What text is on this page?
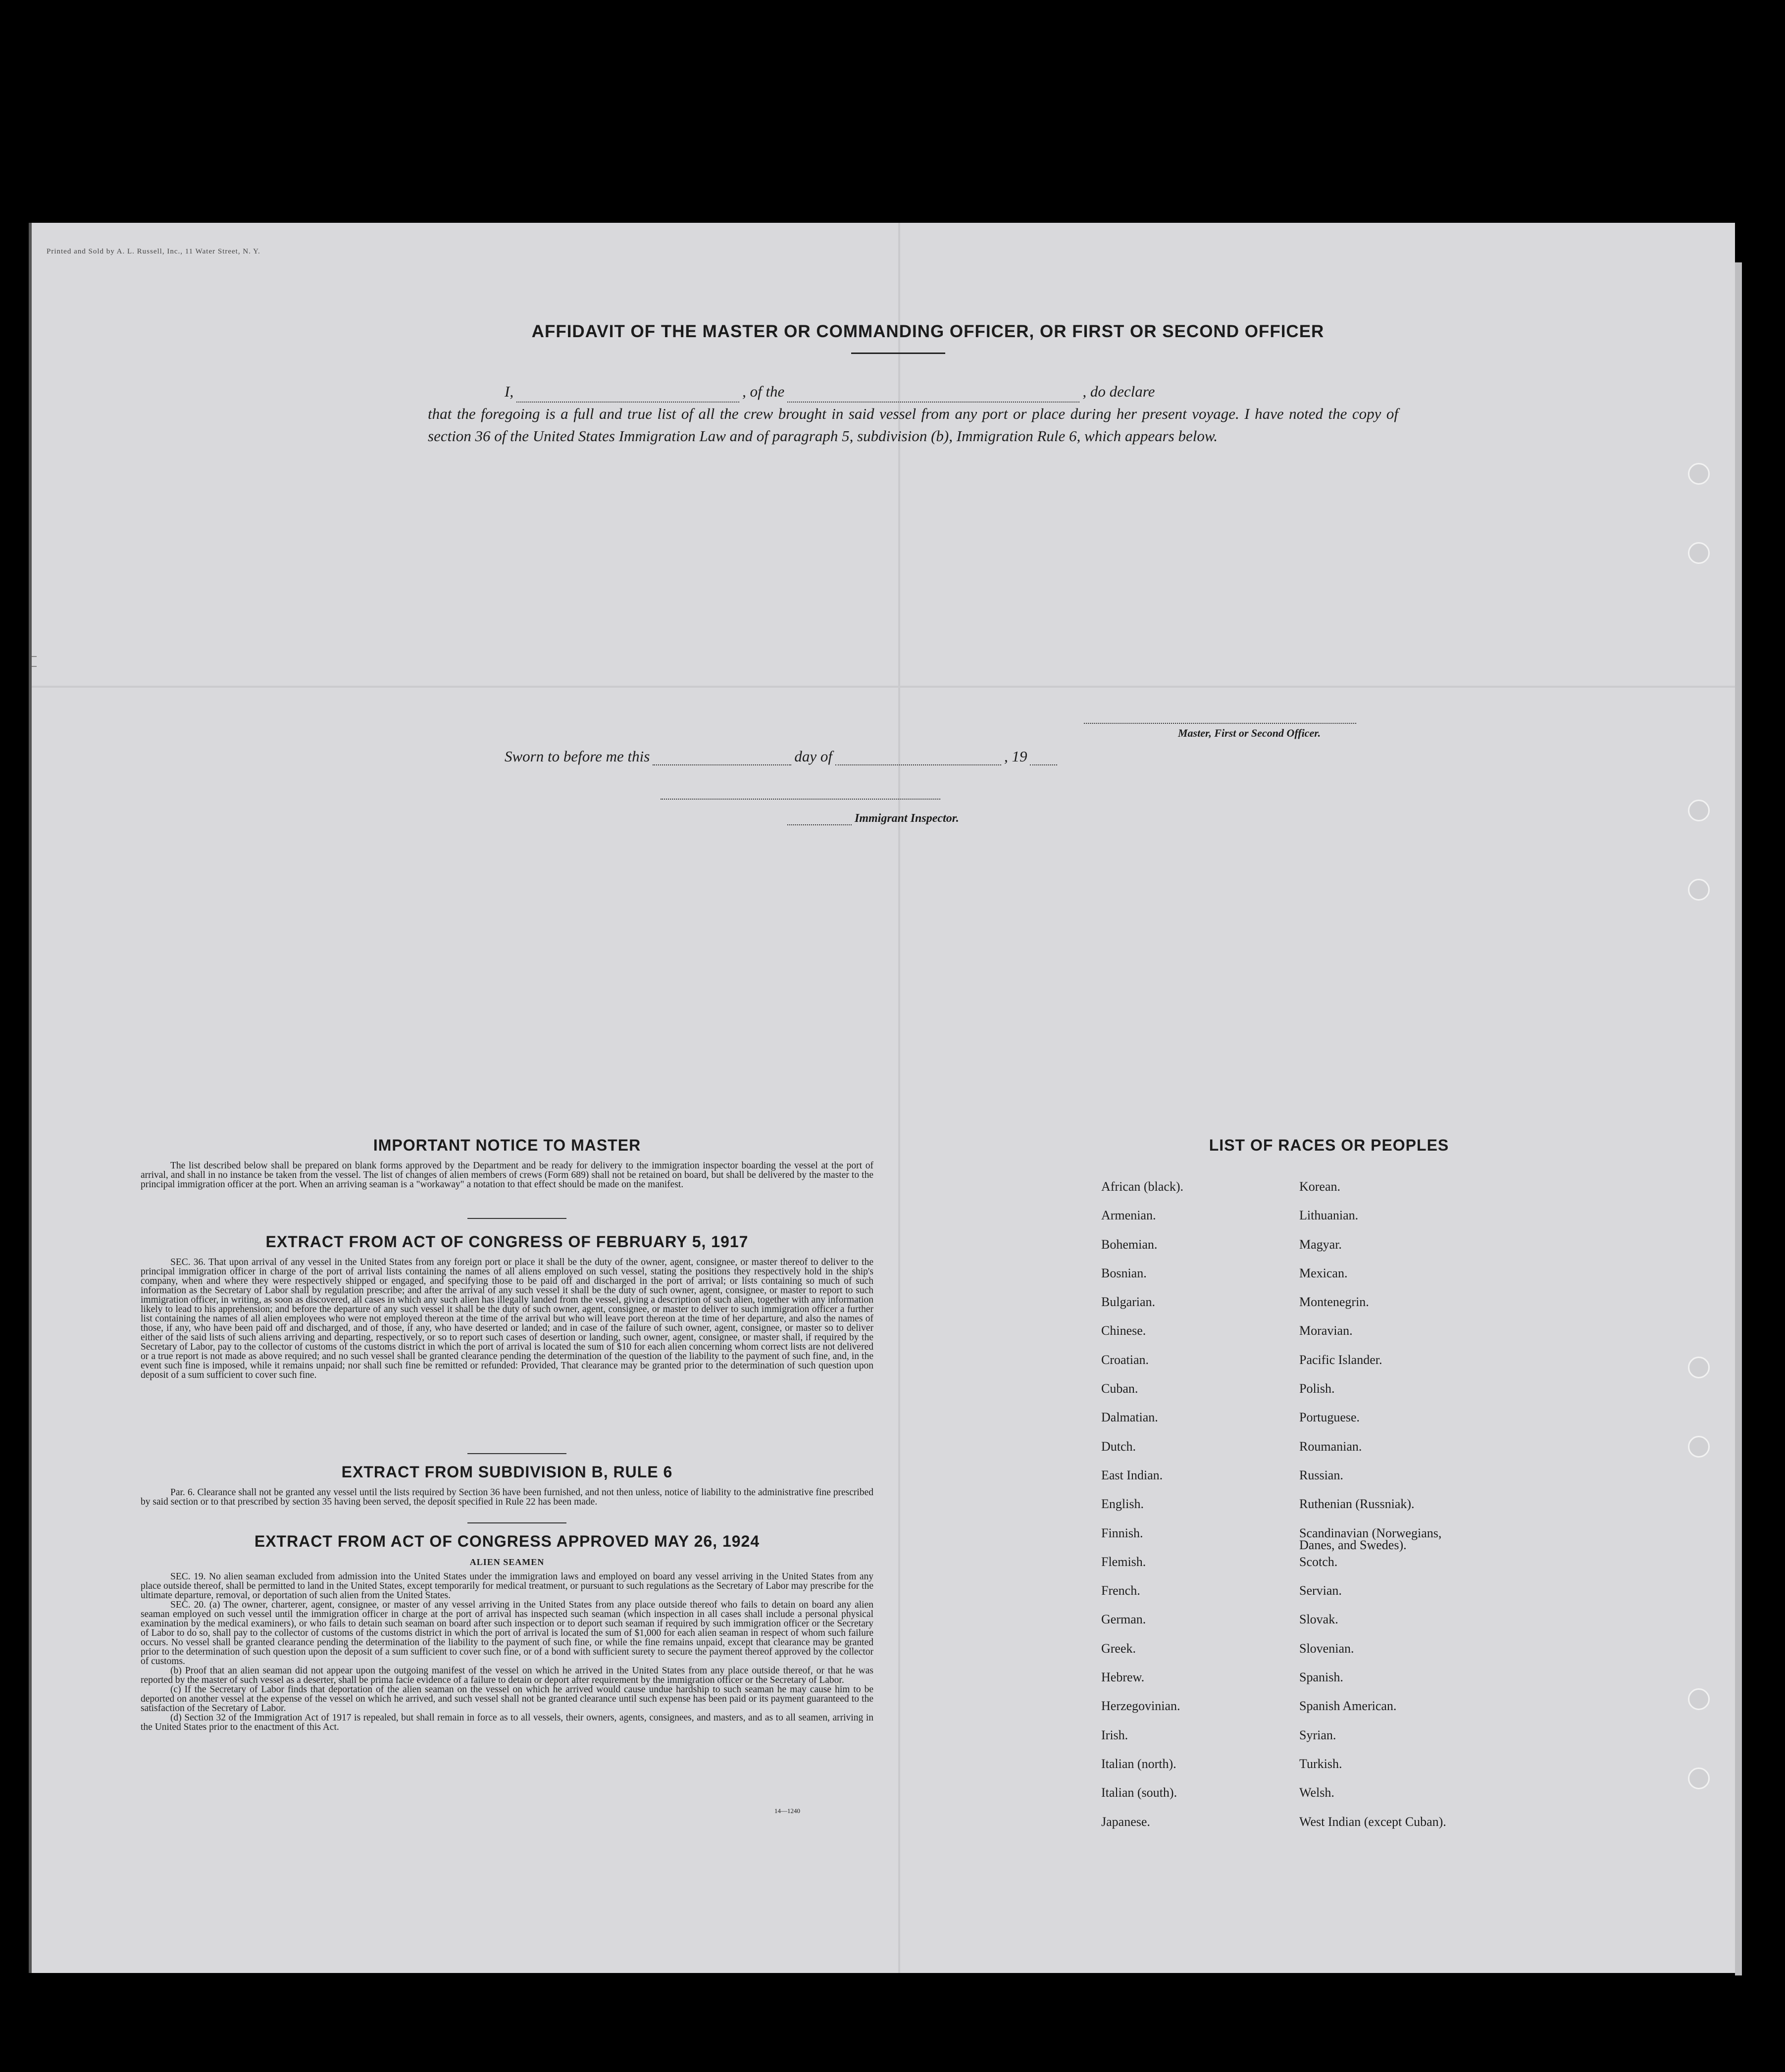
Printed and Sold by A. L. Russell, Inc., 11 Water Street, N. Y.
AFFIDAVIT OF THE MASTER OR COMMANDING OFFICER, OR FIRST OR SECOND OFFICER
I,	, of the	, do declare
that the foregoing is a full and true list of all the crew brought in said vessel from any port or place during her present voyage. I have noted the copy of section 36 of the United States Immigration Law and of paragraph 5, subdivision (b), Immigration Rule 6, which appears below.
Master, First or Second Officer.
Sworn to before me this	day of	, 19
Immigrant Inspector.
IMPORTANT NOTICE TO MASTER

The list described below shall be prepared on blank forms approved by the Department and be ready for delivery to the immigration inspector boarding the vessel at the port of arrival, and shall in no instance be taken from the vessel. The list of changes of alien members of crews (Form 689) shall not be retained on board, but shall be delivered by the master to the principal immigration officer at the port. When an arriving seaman is a "workaway" a notation to that effect should be made on the manifest.

EXTRACT FROM ACT OF CONGRESS OF FEBRUARY 5, 1917

SEC. 36. That upon arrival of any vessel in the United States from any foreign port or place it shall be the duty of the owner, agent, consignee, or master thereof to deliver to the principal immigration officer in charge of the port of arrival lists containing the names of all aliens employed on such vessel, stating the positions they respectively hold in the ship's company, when and where they were respectively shipped or engaged, and specifying those to be paid off and discharged in the port of arrival; or lists containing so much of such information as the Secretary of Labor shall by regulation prescribe; and after the arrival of any such vessel it shall be the duty of such owner, agent, consignee, or master to report to such immigration officer, in writing, as soon as discovered, all cases in which any such alien has illegally landed from the vessel, giving a description of such alien, together with any information likely to lead to his apprehension; and before the departure of any such vessel it shall be the duty of such owner, agent, consignee, or master to deliver to such immigration officer a further list containing the names of all alien employees who were not employed thereon at the time of the arrival but who will leave port thereon at the time of her departure, and also the names of those, if any, who have been paid off and discharged, and of those, if any, who have deserted or landed; and in case of the failure of such owner, agent, consignee, or master so to deliver either of the said lists of such aliens arriving and departing, respectively, or so to report such cases of desertion or landing, such owner, agent, consignee, or master shall, if required by the Secretary of Labor, pay to the collector of customs of the customs district in which the port of arrival is located the sum of $10 for each alien concerning whom correct lists are not delivered or a true report is not made as above required; and no such vessel shall be granted clearance pending the determination of the question of the liability to the payment of such fine, and, in the event such fine is imposed, while it remains unpaid; nor shall such fine be remitted or refunded: Provided, That clearance may be granted prior to the determination of such question upon deposit of a sum sufficient to cover such fine.

EXTRACT FROM SUBDIVISION B, RULE 6

Par. 6. Clearance shall not be granted any vessel until the lists required by Section 36 have been furnished, and not then unless, notice of liability to the administrative fine prescribed by said section or to that prescribed by section 35 having been served, the deposit specified in Rule 22 has been made.

EXTRACT FROM ACT OF CONGRESS APPROVED MAY 26, 1924
ALIEN SEAMEN

SEC. 19. No alien seaman excluded from admission into the United States under the immigration laws and employed on board any vessel arriving in the United States from any place outside thereof, shall be permitted to land in the United States, except temporarily for medical treatment, or pursuant to such regulations as the Secretary of Labor may prescribe for the ultimate departure, removal, or deportation of such alien from the United States.

SEC. 20. (a) The owner, charterer, agent, consignee, or master of any vessel arriving in the United States from any place outside thereof who fails to detain on board any alien seaman employed on such vessel until the immigration officer in charge at the port of arrival has inspected such seaman (which inspection in all cases shall include a personal physical examination by the medical examiners), or who fails to detain such seaman on board after such inspection or to deport such seaman if required by such immigration officer or the Secretary of Labor to do so, shall pay to the collector of customs of the customs district in which the port of arrival is located the sum of $1,000 for each alien seaman in respect of whom such failure occurs. No vessel shall be granted clearance pending the determination of the liability to the payment of such fine, or while the fine remains unpaid, except that clearance may be granted prior to the determination of such question upon the deposit of a sum sufficient to cover such fine, or of a bond with sufficient surety to secure the payment thereof approved by the collector of customs.

(b) Proof that an alien seaman did not appear upon the outgoing manifest of the vessel on which he arrived in the United States from any place outside thereof, or that he was reported by the master of such vessel as a deserter, shall be prima facie evidence of a failure to detain or deport after requirement by the immigration officer or the Secretary of Labor.

(c) If the Secretary of Labor finds that deportation of the alien seaman on the vessel on which he arrived would cause undue hardship to such seaman he may cause him to be deported on another vessel at the expense of the vessel on which he arrived, and such vessel shall not be granted clearance until such expense has been paid or its payment guaranteed to the satisfaction of the Secretary of Labor.

(d) Section 32 of the Immigration Act of 1917 is repealed, but shall remain in force as to all vessels, their owners, agents, consignees, and masters, and as to all seamen, arriving in the United States prior to the enactment of this Act.

14—1240
LIST OF RACES OR PEOPLES
African (black).	Korean.
Armenian.	Lithuanian.
Bohemian.	Magyar.
Bosnian.	Mexican.
Bulgarian.	Montenegrin.
Chinese.	Moravian.
Croatian.	Pacific Islander.
Cuban.	Polish.
Dalmatian.	Portuguese.
Dutch.	Roumanian.
East Indian.	Russian.
English.	Ruthenian (Russniak).
Finnish.	Scandinavian (Norwegians,
Danes, and Swedes).
Flemish.	Scotch.
French.	Servian.
German.	Slovak.
Greek.	Slovenian.
Hebrew.	Spanish.
Herzegovinian.	Spanish American.
Irish.	Syrian.
Italian (north).	Turkish.
Italian (south).	Welsh.
Japanese.	West Indian (except Cuban).
